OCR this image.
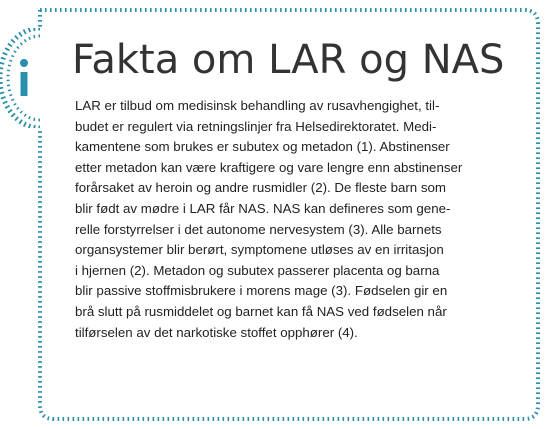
Fakta om LAR og NAS
LAR er tilbud om medisinsk behandling av rusavhengighet, til-
budet er regulert via retningslinjer fra Helsedirektoratet. Medi-
kamentene som brukes er subutex og metadon (1). Abstinenser
etter metadon kan være kraftigere og vare lengre enn abstinenser
forårsaket av heroin og andre rusmidler (2). De fleste barn som
blir født av mødre i LAR får NAS. NAS kan defineres som gene-
relle forstyrrelser i det autonome nervesystem (3). Alle barnets
organsystemer blir berørt, symptomene utløses av en irritasjon
i hjernen (2). Metadon og subutex passerer placenta og barna
blir passive stoffmisbrukere i morens mage (3). Fødselen gir en
brå slutt på rusmiddelet og barnet kan få NAS ved fødselen når
tilførselen av det narkotiske stoffet opphører (4).
